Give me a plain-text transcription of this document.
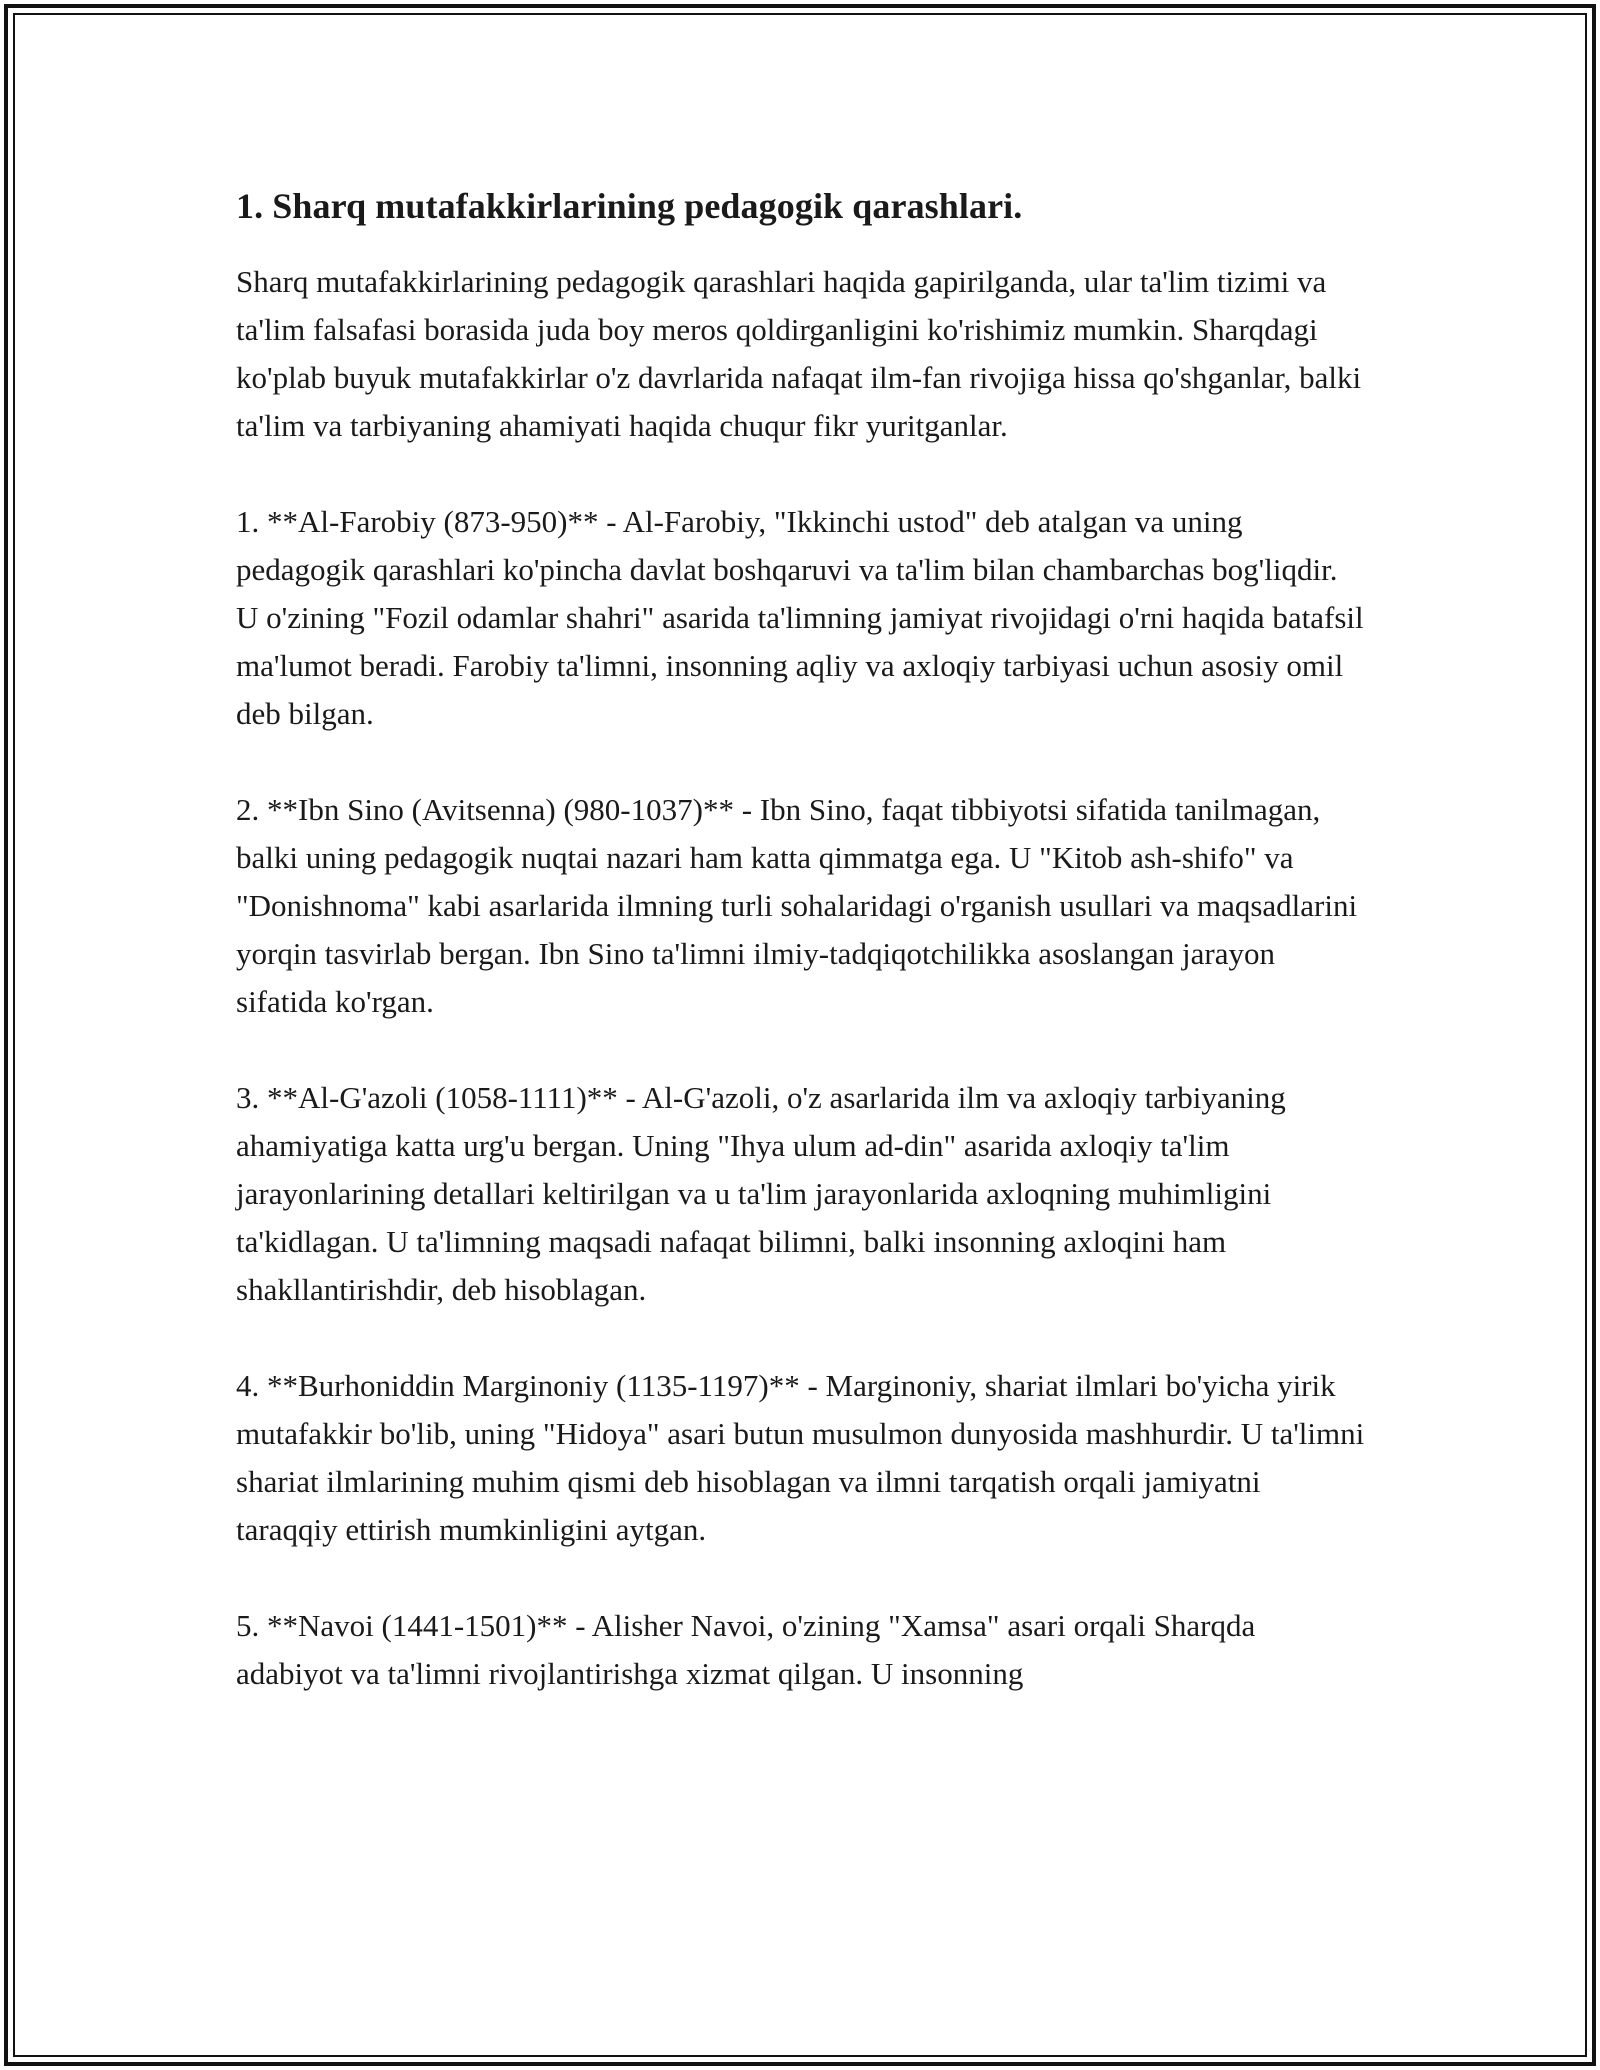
1. Sharq mutafakkirlarining pedagogik qarashlari.

Sharq mutafakkirlarining pedagogik qarashlari haqida gapirilganda, ular ta'lim tizimi va ta'lim falsafasi borasida juda boy meros qoldirganligini ko'rishimiz mumkin. Sharqdagi ko'plab buyuk mutafakkirlar o'z davrlarida nafaqat ilm-fan rivojiga hissa qo'shganlar, balki ta'lim va tarbiyaning ahamiyati haqida chuqur fikr yuritganlar.

1. **Al-Farobiy (873-950)** - Al-Farobiy, "Ikkinchi ustod" deb atalgan va uning pedagogik qarashlari ko'pincha davlat boshqaruvi va ta'lim bilan chambarchas bog'liqdir. U o'zining "Fozil odamlar shahri" asarida ta'limning jamiyat rivojidagi o'rni haqida batafsil ma'lumot beradi. Farobiy ta'limni, insonning aqliy va axloqiy tarbiyasi uchun asosiy omil deb bilgan.

2. **Ibn Sino (Avitsenna) (980-1037)** - Ibn Sino, faqat tibbiyotsi sifatida tanilmagan, balki uning pedagogik nuqtai nazari ham katta qimmatga ega. U "Kitob ash-shifo" va "Donishnoma" kabi asarlarida ilmning turli sohalaridagi o'rganish usullari va maqsadlarini yorqin tasvirlab bergan. Ibn Sino ta'limni ilmiy-tadqiqotchilikka asoslangan jarayon sifatida ko'rgan.

3. **Al-G'azoli (1058-1111)** - Al-G'azoli, o'z asarlarida ilm va axloqiy tarbiyaning ahamiyatiga katta urg'u bergan. Uning "Ihya ulum ad-din" asarida axloqiy ta'lim jarayonlarining detallari keltirilgan va u ta'lim jarayonlarida axloqning muhimligini ta'kidlagan. U ta'limning maqsadi nafaqat bilimni, balki insonning axloqini ham shakllantirishdir, deb hisoblagan.

4. **Burhoniddin Marginoniy (1135-1197)** - Marginoniy, shariat ilmlari bo'yicha yirik mutafakkir bo'lib, uning "Hidoya" asari butun musulmon dunyosida mashhurdir. U ta'limni shariat ilmlarining muhim qismi deb hisoblagan va ilmni tarqatish orqali jamiyatni taraqqiy ettirish mumkinligini aytgan.

5. **Navoi (1441-1501)** - Alisher Navoi, o'zining "Xamsa" asari orqali Sharqda adabiyot va ta'limni rivojlantirishga xizmat qilgan. U insonning
